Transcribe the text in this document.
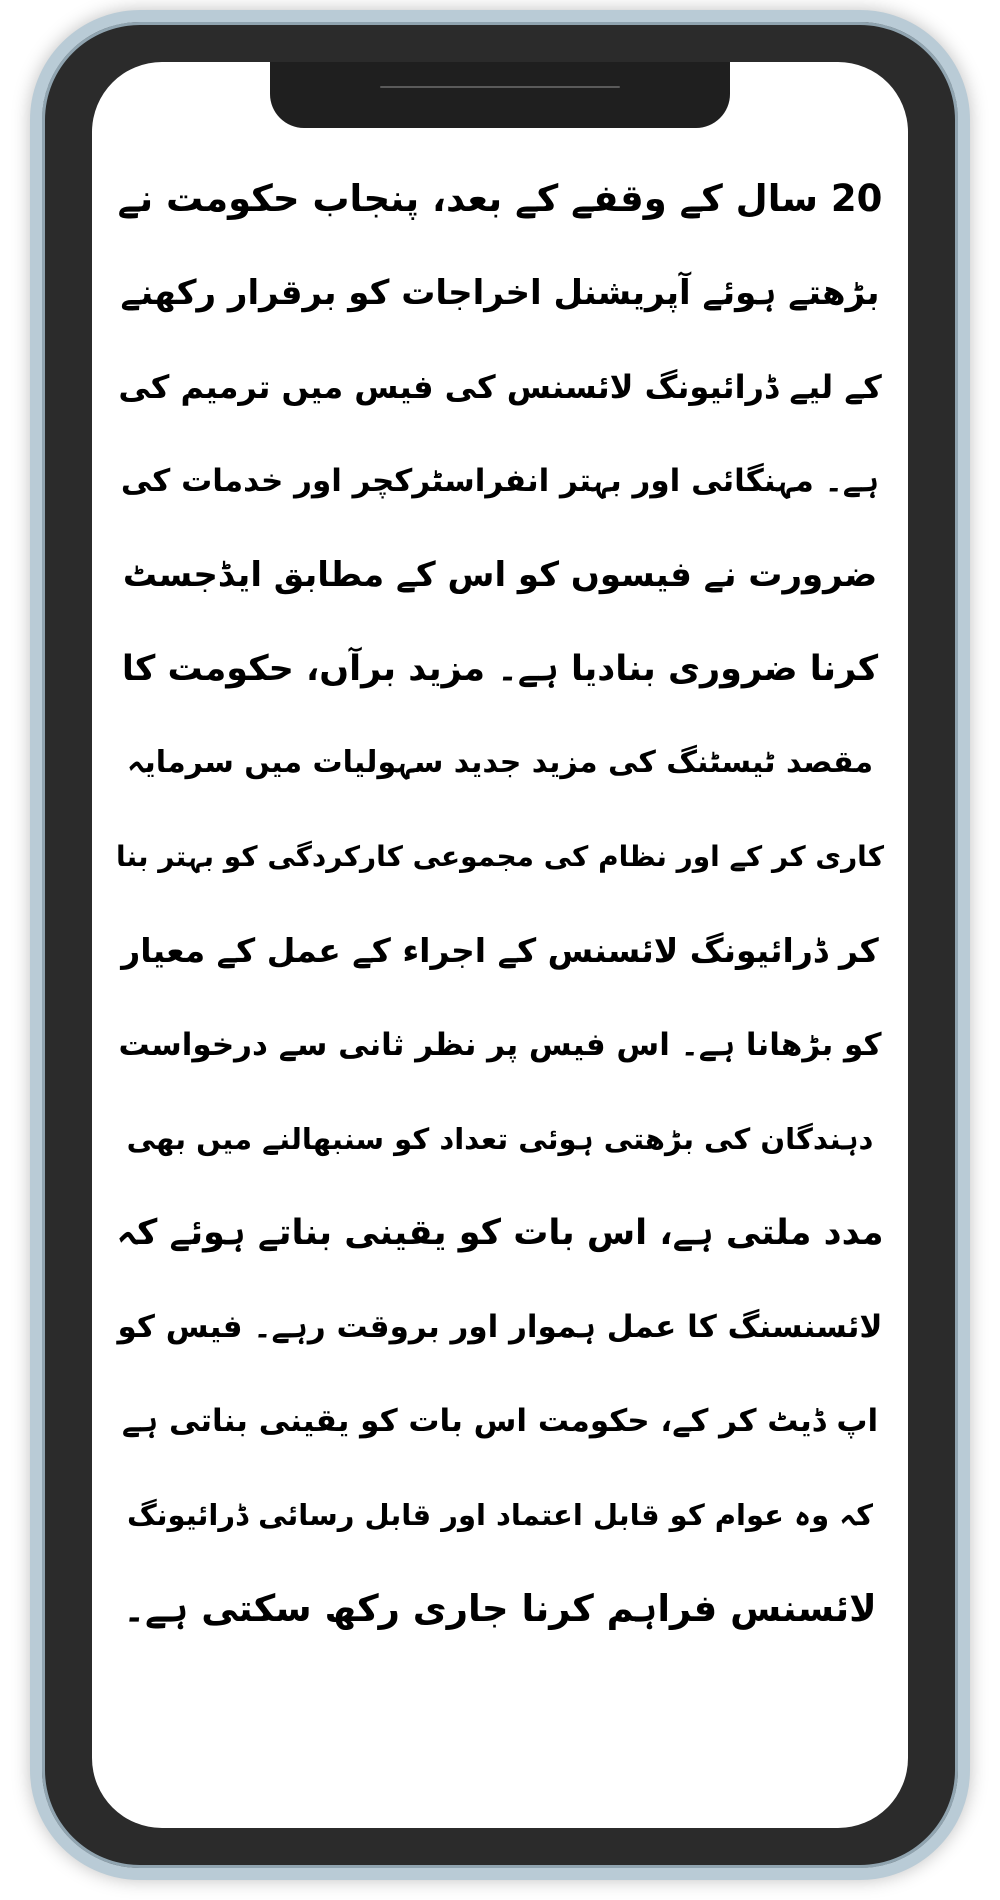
20 سال کے وقفے کے بعد، پنجاب حکومت نے
بڑھتے ہوئے آپریشنل اخراجات کو برقرار رکھنے
کے لیے ڈرائیونگ لائسنس کی فیس میں ترمیم کی
ہے۔ مہنگائی اور بہتر انفراسٹرکچر اور خدمات کی
ضرورت نے فیسوں کو اس کے مطابق ایڈجسٹ
کرنا ضروری بنادیا ہے۔ مزید برآں، حکومت کا
مقصد ٹیسٹنگ کی مزید جدید سہولیات میں سرمایہ
کاری کر کے اور نظام کی مجموعی کارکردگی کو بہتر بنا
کر ڈرائیونگ لائسنس کے اجراء کے عمل کے معیار
کو بڑھانا ہے۔ اس فیس پر نظر ثانی سے درخواست
دہندگان کی بڑھتی ہوئی تعداد کو سنبھالنے میں بھی
مدد ملتی ہے، اس بات کو یقینی بناتے ہوئے کہ
لائسنسنگ کا عمل ہموار اور بروقت رہے۔ فیس کو
اپ ڈیٹ کر کے، حکومت اس بات کو یقینی بناتی ہے
کہ وہ عوام کو قابل اعتماد اور قابل رسائی ڈرائیونگ
لائسنس فراہم کرنا جاری رکھ سکتی ہے۔
